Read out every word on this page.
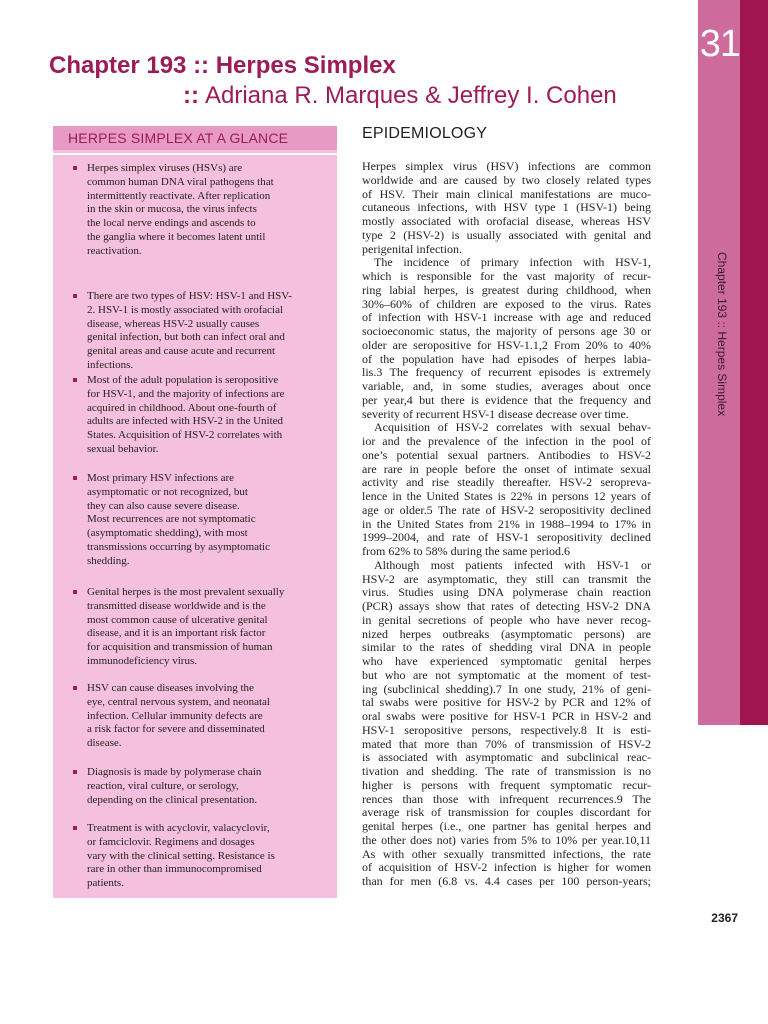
31
Chapter 193 :: Herpes Simplex
Chapter 193 :: Herpes Simplex
:: Adriana R. Marques & Jeffrey I. Cohen
HERPES SIMPLEX AT A GLANCE
Herpes simplex viruses (HSVs) are
common human DNA viral pathogens that
intermittently reactivate. After replication
in the skin or mucosa, the virus infects
the local nerve endings and ascends to
the ganglia where it becomes latent until
reactivation.
There are two types of HSV: HSV-1 and HSV-
2. HSV-1 is mostly associated with orofacial
disease, whereas HSV-2 usually causes
genital infection, but both can infect oral and
genital areas and cause acute and recurrent
infections.
Most of the adult population is seropositive
for HSV-1, and the majority of infections are
acquired in childhood. About one-fourth of
adults are infected with HSV-2 in the United
States. Acquisition of HSV-2 correlates with
sexual behavior.
Most primary HSV infections are
asymptomatic or not recognized, but
they can also cause severe disease.
Most recurrences are not symptomatic
(asymptomatic shedding), with most
transmissions occurring by asymptomatic
shedding.
Genital herpes is the most prevalent sexually
transmitted disease worldwide and is the
most common cause of ulcerative genital
disease, and it is an important risk factor
for acquisition and transmission of human
immunodeficiency virus.
HSV can cause diseases involving the
eye, central nervous system, and neonatal
infection. Cellular immunity defects are
a risk factor for severe and disseminated
disease.
Diagnosis is made by polymerase chain
reaction, viral culture, or serology,
depending on the clinical presentation.
Treatment is with acyclovir, valacyclovir,
or famciclovir. Regimens and dosages
vary with the clinical setting. Resistance is
rare in other than immunocompromised
patients.
EPIDEMIOLOGY
Herpes simplex virus (HSV) infections are common
worldwide and are caused by two closely related types
of HSV. Their main clinical manifestations are muco-
cutaneous infections, with HSV type 1 (HSV-1) being
mostly associated with orofacial disease, whereas HSV
type 2 (HSV-2) is usually associated with genital and
perigenital infection.
The incidence of primary infection with HSV-1,
which is responsible for the vast majority of recur-
ring labial herpes, is greatest during childhood, when
30%–60% of children are exposed to the virus. Rates
of infection with HSV-1 increase with age and reduced
socioeconomic status, the majority of persons age 30 or
older are seropositive for HSV-1.1,2 From 20% to 40%
of the population have had episodes of herpes labia-
lis.3 The frequency of recurrent episodes is extremely
variable, and, in some studies, averages about once
per year,4 but there is evidence that the frequency and
severity of recurrent HSV-1 disease decrease over time.
Acquisition of HSV-2 correlates with sexual behav-
ior and the prevalence of the infection in the pool of
one’s potential sexual partners. Antibodies to HSV-2
are rare in people before the onset of intimate sexual
activity and rise steadily thereafter. HSV-2 seropreva-
lence in the United States is 22% in persons 12 years of
age or older.5 The rate of HSV-2 seropositivity declined
in the United States from 21% in 1988–1994 to 17% in
1999–2004, and rate of HSV-1 seropositivity declined
from 62% to 58% during the same period.6
Although most patients infected with HSV-1 or
HSV-2 are asymptomatic, they still can transmit the
virus. Studies using DNA polymerase chain reaction
(PCR) assays show that rates of detecting HSV-2 DNA
in genital secretions of people who have never recog-
nized herpes outbreaks (asymptomatic persons) are
similar to the rates of shedding viral DNA in people
who have experienced symptomatic genital herpes
but who are not symptomatic at the moment of test-
ing (subclinical shedding).7 In one study, 21% of geni-
tal swabs were positive for HSV-2 by PCR and 12% of
oral swabs were positive for HSV-1 PCR in HSV-2 and
HSV-1 seropositive persons, respectively.8 It is esti-
mated that more than 70% of transmission of HSV-2
is associated with asymptomatic and subclinical reac-
tivation and shedding. The rate of transmission is no
higher is persons with frequent symptomatic recur-
rences than those with infrequent recurrences.9 The
average risk of transmission for couples discordant for
genital herpes (i.e., one partner has genital herpes and
the other does not) varies from 5% to 10% per year.10,11
As with other sexually transmitted infections, the rate
of acquisition of HSV-2 infection is higher for women
than for men (6.8 vs. 4.4 cases per 100 person-years;
2367
